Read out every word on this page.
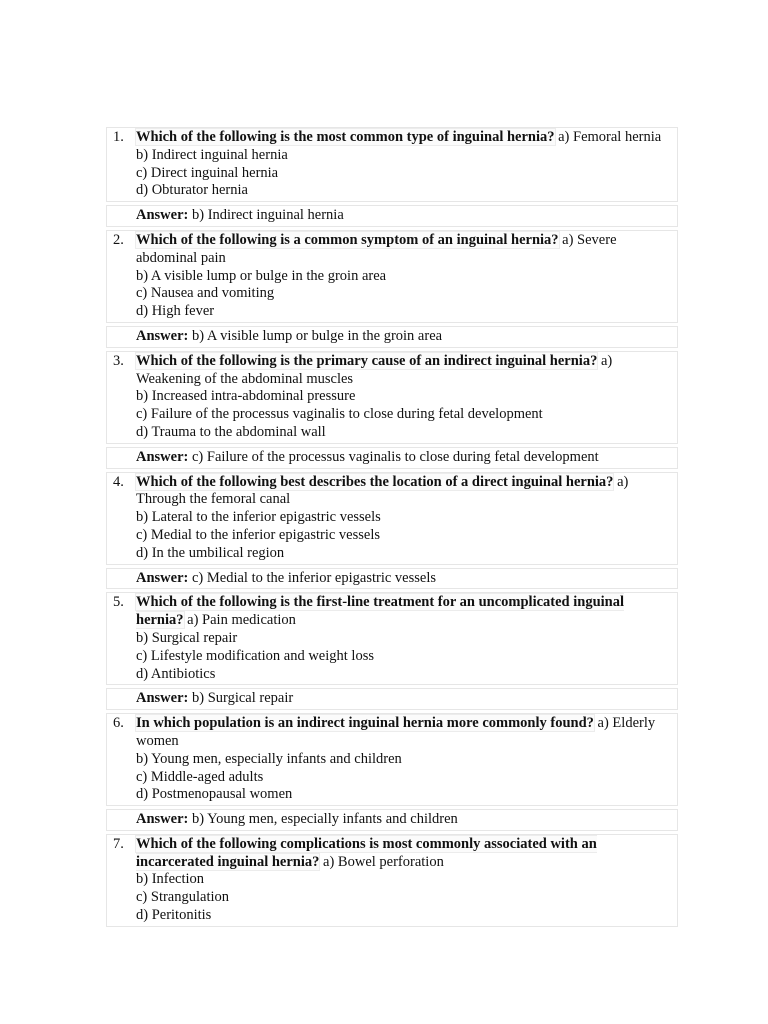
1. Which of the following is the most common type of inguinal hernia? a) Femoral hernia
b) Indirect inguinal hernia
c) Direct inguinal hernia
d) Obturator hernia
Answer: b) Indirect inguinal hernia
2. Which of the following is a common symptom of an inguinal hernia? a) Severe abdominal pain
b) A visible lump or bulge in the groin area
c) Nausea and vomiting
d) High fever
Answer: b) A visible lump or bulge in the groin area
3. Which of the following is the primary cause of an indirect inguinal hernia? a) Weakening of the abdominal muscles
b) Increased intra-abdominal pressure
c) Failure of the processus vaginalis to close during fetal development
d) Trauma to the abdominal wall
Answer: c) Failure of the processus vaginalis to close during fetal development
4. Which of the following best describes the location of a direct inguinal hernia? a) Through the femoral canal
b) Lateral to the inferior epigastric vessels
c) Medial to the inferior epigastric vessels
d) In the umbilical region
Answer: c) Medial to the inferior epigastric vessels
5. Which of the following is the first-line treatment for an uncomplicated inguinal hernia? a) Pain medication
b) Surgical repair
c) Lifestyle modification and weight loss
d) Antibiotics
Answer: b) Surgical repair
6. In which population is an indirect inguinal hernia more commonly found? a) Elderly women
b) Young men, especially infants and children
c) Middle-aged adults
d) Postmenopausal women
Answer: b) Young men, especially infants and children
7. Which of the following complications is most commonly associated with an incarcerated inguinal hernia? a) Bowel perforation
b) Infection
c) Strangulation
d) Peritonitis
